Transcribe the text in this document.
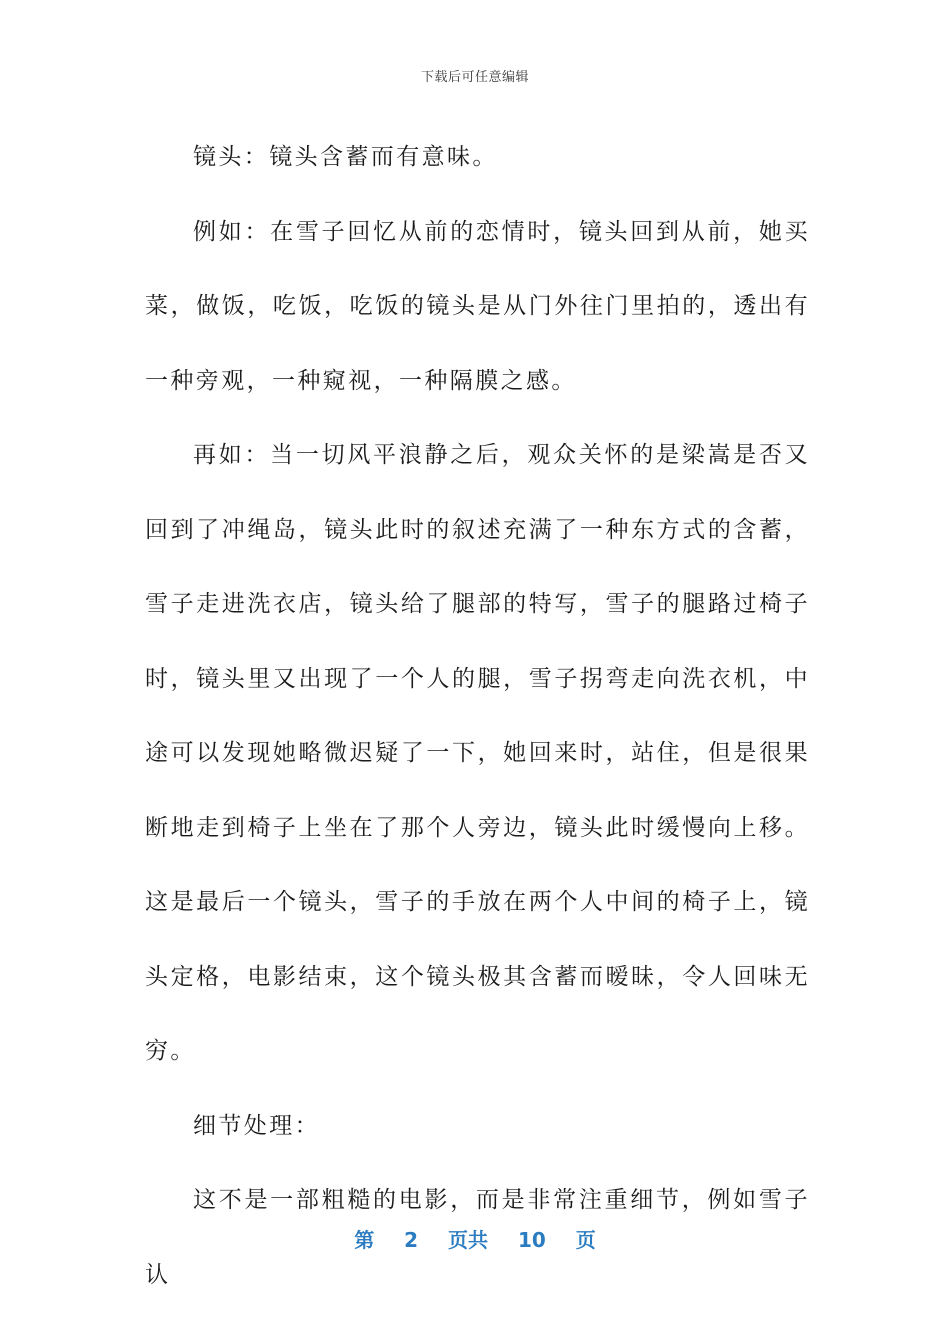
下载后可任意编辑

镜头：镜头含蓄而有意味。

例如：在雪子回忆从前的恋情时，镜头回到从前，她买菜，做饭，吃饭，吃饭的镜头是从门外往门里拍的，透出有一种旁观，一种窥视，一种隔膜之感。

再如：当一切风平浪静之后，观众关怀的是梁嵩是否又回到了冲绳岛，镜头此时的叙述充满了一种东方式的含蓄，雪子走进洗衣店，镜头给了腿部的特写，雪子的腿路过椅子时，镜头里又出现了一个人的腿，雪子拐弯走向洗衣机，中途可以发现她略微迟疑了一下，她回来时，站住，但是很果断地走到椅子上坐在了那个人旁边，镜头此时缓慢向上移。这是最后一个镜头，雪子的手放在两个人中间的椅子上，镜头定格，电影结束，这个镜头极其含蓄而暧昧，令人回味无穷。

细节处理：

这不是一部粗糙的电影，而是非常注重细节，例如雪子认

第 2 页共 10 页
